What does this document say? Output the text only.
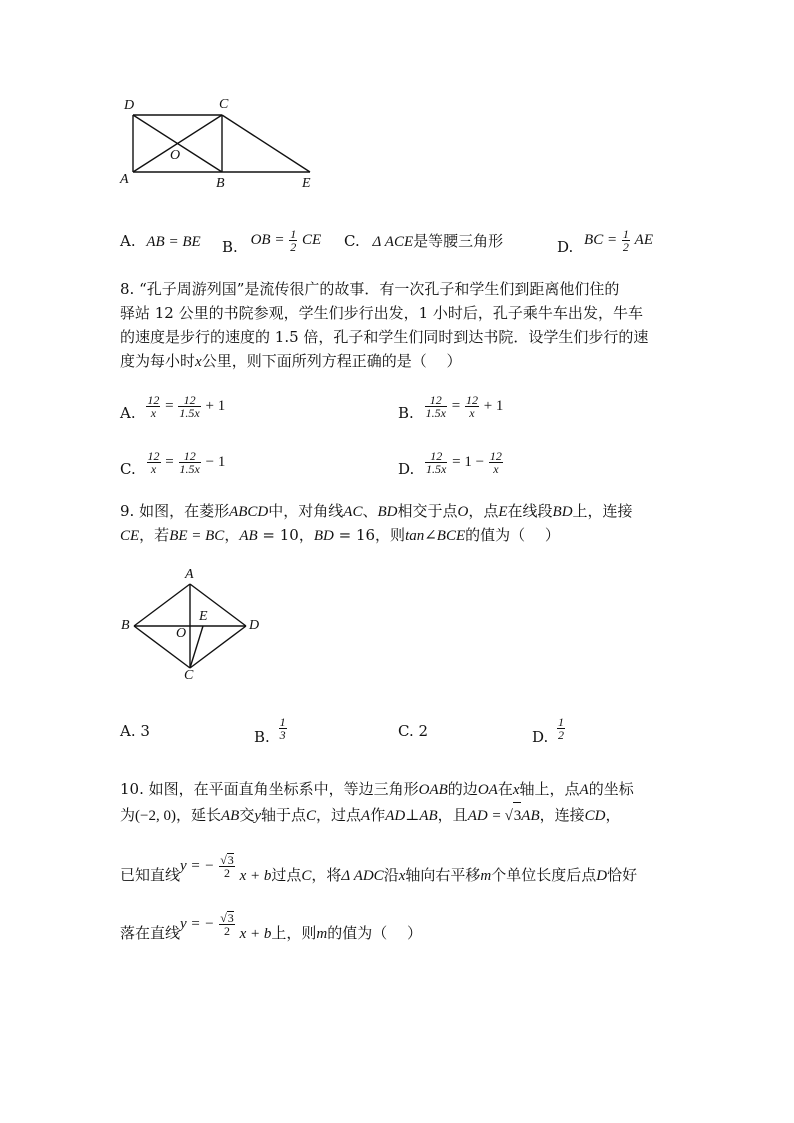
D	C
O
A	B	E
A. AB = BE B. OB = $\frac{1}{2}$ CE C. Δ ACE是等腰三角形	D. BC = $\frac{1}{2}$ AE
8. “孔子周游列国”是流传很广的故事．有一次孔子和学生们到距离他们住的
驿站 12 公里的书院参观，学生们步行出发，1 小时后，孔子乘牛车出发，牛车
的速度是步行的速度的 1.5 倍，孔子和学生们同时到达书院．设学生们步行的速
度为每小时x公里，则下面所列方程正确的是（　 ）
A. $\frac{12}{x} = \frac{12}{1.5x} + 1$	B. $\frac{12}{1.5x} = \frac{12}{x} + 1$
C. $\frac{12}{x} = \frac{12}{1.5x} - 1$	D. $\frac{12}{1.5x} = 1 - \frac{12}{x}$
9. 如图，在菱形ABCD中，对角线AC、BD相交于点O，点E在线段BD上，连接
CE，若BE = BC，AB = 10，BD = 16，则tan∠BCE的值为（　 ）
A
B
O
E
D
C
A. 3	B. $\frac{1}{3}$	C. 2	D. $\frac{1}{2}$
10. 如图，在平面直角坐标系中，等边三角形OAB的边OA在x轴上，点A的坐标
为(−2, 0)，延长AB交y轴于点C，过点A作AD⊥AB，且AD = √3AB，连接CD，
已知直线y = − $\frac{√3}{2}$ x + b过点C，将Δ ADC沿x轴向右平移m个单位长度后点D恰好
落在直线y = − $\frac{√3}{2}$ x + b上，则m的值为（　 ）
